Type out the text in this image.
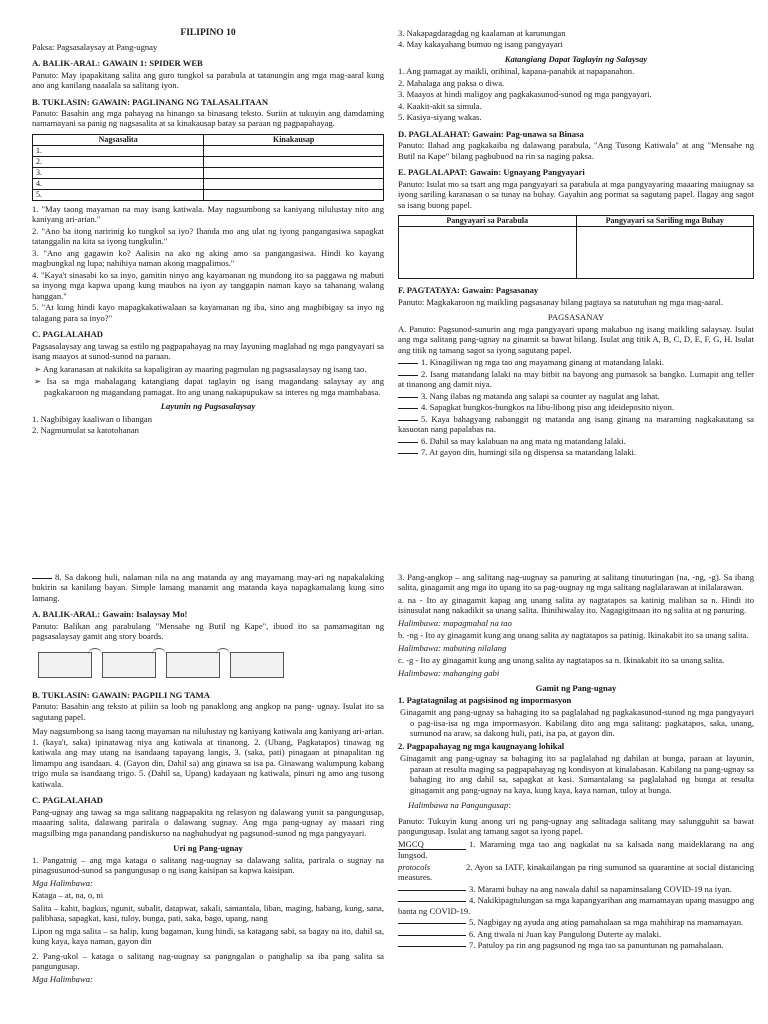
FILIPINO 10

Paksa: Pagsasalaysay at Pang-ugnay

A. BALIK-ARAL: GAWAIN 1: SPIDER WEB

Panuto: May ipapakitang salita ang guro tungkol sa parabula at tatanungin ang mga mag-aaral kung ano ang kanilang naaalala sa salitang iyon.

B. TUKLASIN: GAWAIN: PAGLINANG NG TALASALITAAN

Panuto: Basahin ang mga pahayag na hinango sa binasang teksto. Suriin at tukuyin ang damdaming namamayani sa panig ng nagsasalita at sa kinakausap batay sa paraan ng pagpapahayag.

Nagsasalita	Kinakausap
1.	
2.	
3.	
4.	
5.	

1. "May taong mayaman na may isang katiwala. May nagsumbong sa kaniyang nilulustay nito ang kaniyang ari-arian."

2. "Ano ba itong naririnig ko tungkol sa iyo? Ihanda mo ang ulat ng iyong pangangasiwa sapagkat tatanggalin na kita sa iyong tungkulin."

3. "Ano ang gagawin ko? Aalisin na ako ng aking amo sa pangangasiwa. Hindi ko kayang magbungkal ng lupa; nahihiya naman akong magpalimos."

4. "Kaya't sinasabi ko sa inyo, gamitin ninyo ang kayamanan ng mundong ito sa paggawa ng mabuti sa inyong mga kapwa upang kung maubos na iyon ay tanggapin naman kayo sa tahanang walang hanggan."

5. "At kung hindi kayo mapagkakatiwalaan sa kayamanan ng iba, sino ang magbibigay sa inyo ng talagang para sa inyo?"

C. PAGLALAHAD

Pagsasalaysay ang tawag sa estilo ng pagpapahayag na may layuning maglahad ng mga pangyayari sa isang maayos at sunod-sunod na paraan.

➢ Ang karanasan at nakikita sa kapaligiran ay maaring pagmulan ng pagsasalaysay ng isang tao.

➢ Isa sa mga mahalagang katangiang dapat taglayin ng isang magandang salaysay ay ang pagkakaroon ng magandang pamagat. Ito ang unang nakapupukaw sa interes ng mga mambabasa.

Layunin ng Pagsasalaysay

1. Nagbibigay kaaliwan o libangan

2. Nagmumulat sa katotohanan

3. Nakapagdaragdag ng kaalaman at karunungan

4. May kakayahang bumuo ng isang pangyayari

Katangiang Dapat Taglayin ng Salaysay

1. Ang pamagat ay maikli, orihinal, kapana-panabik at napapanahon.

2. Mahalaga ang paksa o diwa.

3. Maayos at hindi maligoy ang pagkakasunod-sunod ng mga pangyayari.

4. Kaakit-akit sa simula.

5. Kasiya-siyang wakas.

D. PAGLALAHAT: Gawain: Pag-unawa sa Binasa

Panuto: Ilahad ang pagkakaiba ng dalawang parabula, "Ang Tusong Katiwala" at ang "Mensahe ng Butil na Kape" bilang pagbubuod na rin sa naging paksa.

E. PAGLALAPAT: Gawain: Ugnayang Pangyayari

Panuto: Isulat mo sa tsart ang mga pangyayari sa parabula at mga pangyayaring maaaring maiugnay sa iyong sariling karanasan o sa tunay na buhay. Gayahin ang pormat sa sagutang papel. Ilagay ang sagot sa isang buong papel.

Pangyayari sa Parabula	Pangyayari sa Sariling mga Buhay

F. PAGTATAYA: Gawain: Pagsasanay

Panuto: Magkakaroon ng maikling pagsasanay bilang pagtaya sa natutuhan ng mga mag-aaral.

PAGSASANAY

A. Panuto: Pagsunod-sunurin ang mga pangyayari upang makabuo ng isang maikling salaysay. Isulat ang mga salitang pang-ugnay na ginamit sa bawat bilang. Isulat ang titik A, B, C, D, E, F, G, H. Isulat ang titik ng tamang sagot sa iyong sagutang papel.

1. Kinagiliwan ng mga tao ang mayamang ginang at matandang lalaki.

2. Isang matandang lalaki na may bitbit na bayong ang pumasok sa bangko. Lumapit ang teller at tinanong ang damit niya.

3. Nang ilabas ng matanda ang salapi sa counter ay nagulat ang lahat.

4. Sapagkat bungkos-bungkos na libu-libong piso ang ideideposito niyon.

5. Kaya bahagyang nabanggit ng matanda ang isang ginang na maraming nagkakautang sa kasuotan nang papalabas na.

6. Dahil sa may kalabuan na ang mata ng matandang lalaki.

7. At gayon din, humingi sila ng dispensa sa matandang lalaki.

8. Sa dakong huli, nalaman nila na ang matanda ay ang mayamang may-ari ng napakalaking bukirin sa kanilang bayan. Simple lamang manamit ang matanda kaya napagkamalang kung sino lamang.

A. BALIK-ARAL: Gawain: Isalaysay Mo!

Panuto: Balikan ang parabulang "Mensahe ng Butil ng Kape", ibuod ito sa pamamagitan ng pagsasalaysay gamit ang story boards.

B. TUKLASIN: GAWAIN: PAGPILI NG TAMA

Panuto: Basahin ang teksto at piliin sa loob ng panaklong ang angkop na pang- ugnay. Isulat ito sa sagutang papel.

May nagsumbong sa isang taong mayaman na nilulustay ng kaniyang katiwala ang kaniyang ari-arian. 1. (kaya't, saka) ipinatawag niya ang katiwala at tinanong. 2. (Ubang, Pagkatapos) tinawag ng katiwala ang may utang na isandaang tapayang langis, 3. (saka, pati) pinagaan at pinapalitan ng limampu ang isandaan. 4. (Gayon din, Dahil sa) ang ginawa sa isa pa. Ginawang walumpung kabang trigo mula sa isandaang trigo. 5. (Dahil sa, Upang) kadayaan ng katiwala, pinuri ng amo ang tusong katiwala.

C. PAGLALAHAD

Pang-ugnay ang tawag sa mga salitang nagpapakita ng relasyon ng dalawang yunit sa pangungusap, maaaring salita, dalawang parirala o dalawang sugnay. Ang mga pang-ugnay ay maaari ring magsilbing mga panandang pandiskurso na naghuhudyat ng pagsunod-sunod ng mga pangyayari.

Uri ng Pang-ugnay

1. Pangatnig – ang mga kataga o salitang nag-uugnay sa dalawang salita, parirala o sugnay na pinagsusunod-sunod sa pangungusap o ng isang kaisipan sa kapwa kaisipan.

Mga Halimbawa:

Kataga – at, na, o, ni

Salita – kahit, bagkus, ngunit, subalit, datapwat, sakali, samantala, liban, maging, habang, kung, sana, palibhasa, sapagkat, kasi, tuloy, bunga, pati, saka, bago, upang, nang

Lipon ng mga salita – sa halip, kung bagaman, kung hindi, sa katagang sabi, sa bagay na ito, dahil sa, kung kaya, kaya naman, gayon din

2. Pang-ukol – kataga o salitang nag-uugnay sa pangngalan o panghalip sa iba pang salita sa pangungusap.

Mga Halimbawa:

3. Pang-angkop – ang salitang nag-uugnay sa panuring at salitang tinuturingan (na, -ng, -g). Sa ibang salita, ginagamit ang mga ito upang ito sa pag-uugnay ng mga salitang naglalarawan at inilalarawan.

a. na - Ito ay ginagamit kapag ang unang salita ay nagtatapos sa katinig maliban sa n. Hindi ito isinusulat nang nakadikit sa unang salita. Ihinihiwalay ito. Nagagigitnaan ito ng salita at ng panuring.

Halimbawa: mapagmahal na tao

b. -ng - Ito ay ginagamit kung ang unang salita ay nagtatapos sa patinig. Ikinakabit ito sa unang salita.

Halimbawa: mabuting nilalang

c. -g - Ito ay ginagamit kung ang unang salita ay nagtatapos sa n. Ikinakabit ito sa unang salita.

Halimbawa: mahanging gabi

Gamit ng Pang-ugnay

1. Pagtatagnilag at pagsisinod ng impormasyon

Ginagamit ang pang-ugnay sa bahaging ito sa paglalahad ng pagkakasunod-sunod ng mga pangyayari o pag-iisa-isa ng mga impormasyon. Kabilang dito ang mga salitang: pagkatapos, saka, unang, sumunod na araw, sa dakong huli, pati, isa pa, at gayon din.

2. Pagpapahayag ng mga kaugnayang lohikal

Ginagamit ang pang-ugnay sa bahaging ito sa paglalahad ng dahilan at bunga, paraan at layunin, paraan at resulta maging sa pagpapahayag ng kondisyon at kinalabasan. Kabilang na pang-ugnay sa bahaging ito ang dahil sa, sapagkat at kasi. Samantalang sa paglalahad ng bunga at resulta ginagamit ang pang-ugnay na kaya, kung kaya, kaya naman, tuloy at bunga.

Halimbawa na Pangungusap:

Panuto: Tukuyin kung anong uri ng pang-ugnay ang salitadaga salitang may salungguhit sa bawat pangungusap. Isulat ang tamang sagot sa iyong papel.

MGCQ	1. Maraming mga tao ang nagkalat na sa kalsada nang maideklarang na ang lungsod.

protocols	2. Ayon sa IATF, kinakailangan pa ring sumunod sa quarantine at social distancing measures.

3. Marami buhay na ang nawala dahil sa napaminsalang COVID-19 na iyan.

4. Nakikipagtulungan sa mga kapangyarihan ang mamamayan upang masugpo ang banta ng COVID-19.

5. Nagbigay ng ayuda ang ating pamahalaan sa mga mahihirap na mamamayan.

6. Ang tiwala ni Juan kay Pangulong Duterte ay malaki.

7. Patuloy pa rin ang pagsunod ng mga tao sa panuntunan ng pamahalaan.
